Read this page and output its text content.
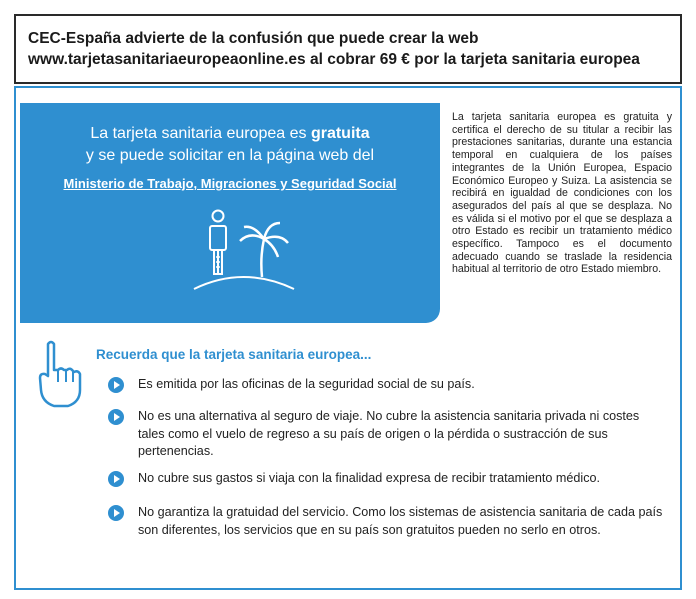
CEC-España advierte de la confusión que puede crear la web
www.tarjetasanitariaeuropeaonline.es al cobrar 69 € por la tarjeta sanitaria europea
La tarjeta sanitaria europea es gratuita
y se puede solicitar en la página web del
Ministerio de Trabajo, Migraciones y Seguridad Social
La tarjeta sanitaria europea es gratuita y certifica el derecho de su titular a recibir las prestaciones sanitarias, durante una estancia temporal en cualquiera de los países integrantes de la Unión Europea, Espacio Económico Europeo y Suiza. La asistencia se recibirá en igualdad de condiciones con los asegurados del país al que se desplaza. No es válida si el motivo por el que se desplaza a otro Estado es recibir un tratamiento médico específico. Tampoco es el documento adecuado cuando se traslade la residencia habitual al territorio de otro Estado miembro.
Recuerda que la tarjeta sanitaria europea...
Es emitida por las oficinas de la seguridad social de su país.
No es una alternativa al seguro de viaje. No cubre la asistencia sanitaria privada ni costes tales como el vuelo de regreso a su país de origen o la pérdida o sustracción de sus pertenencias.
No cubre sus gastos si viaja con la finalidad expresa de recibir tratamiento médico.
No garantiza la gratuidad del servicio. Como los sistemas de asistencia sanitaria de cada país son diferentes, los servicios que en su país son gratuitos pueden no serlo en otros.
